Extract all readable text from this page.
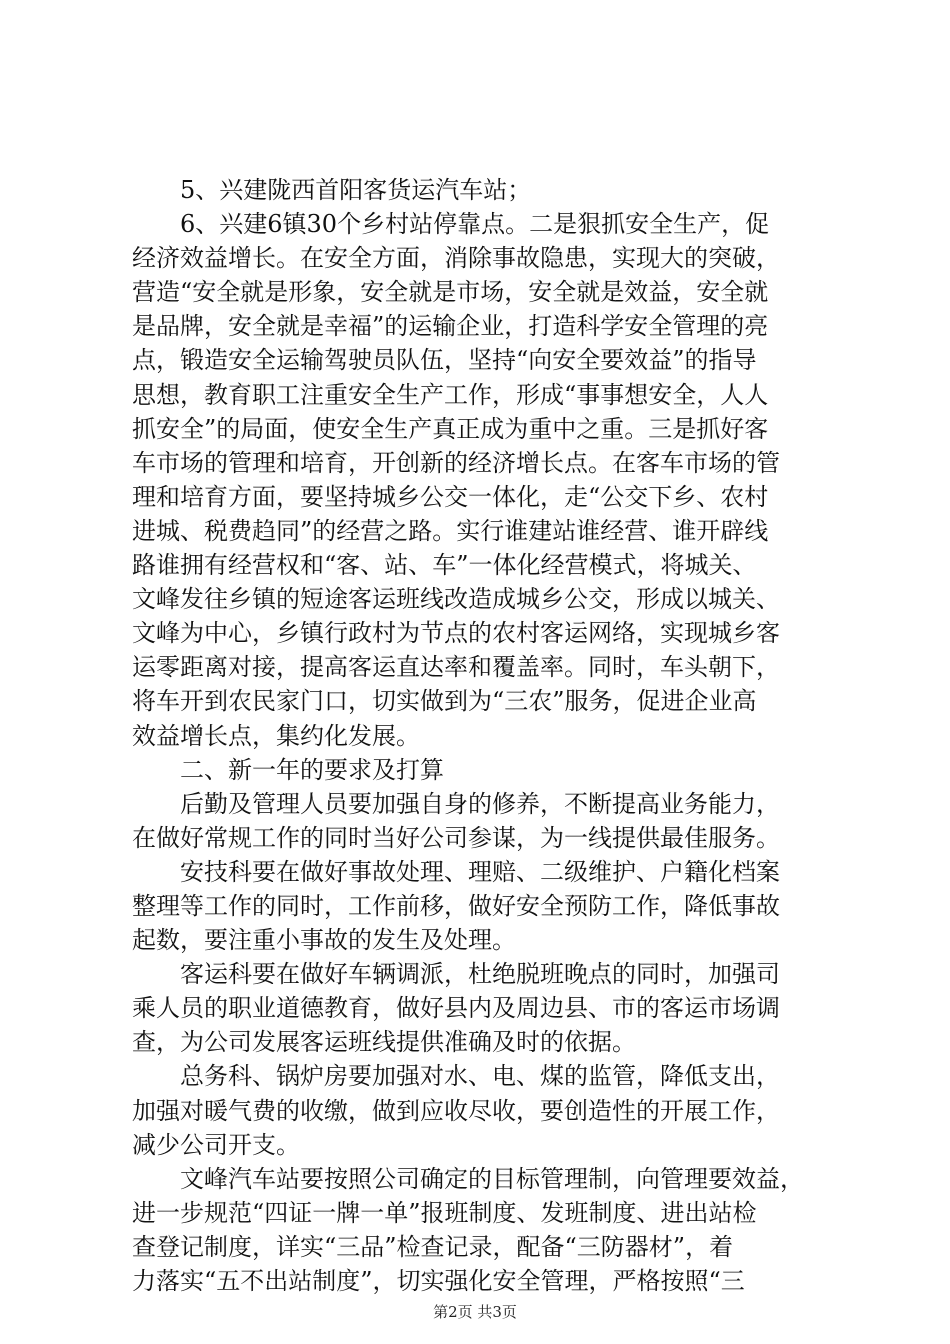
5、兴建陇西首阳客货运汽车站；
6、兴建6镇30个乡村站停靠点。二是狠抓安全生产，促
经济效益增长。在安全方面，消除事故隐患，实现大的突破，
营造“安全就是形象，安全就是市场，安全就是效益，安全就
是品牌，安全就是幸福”的运输企业，打造科学安全管理的亮
点，锻造安全运输驾驶员队伍，坚持“向安全要效益”的指导
思想，教育职工注重安全生产工作，形成“事事想安全，人人
抓安全”的局面，使安全生产真正成为重中之重。三是抓好客
车市场的管理和培育，开创新的经济增长点。在客车市场的管
理和培育方面，要坚持城乡公交一体化，走“公交下乡、农村
进城、税费趋同”的经营之路。实行谁建站谁经营、谁开辟线
路谁拥有经营权和“客、站、车”一体化经营模式，将城关、
文峰发往乡镇的短途客运班线改造成城乡公交，形成以城关、
文峰为中心，乡镇行政村为节点的农村客运网络，实现城乡客
运零距离对接，提高客运直达率和覆盖率。同时，车头朝下，
将车开到农民家门口，切实做到为“三农”服务，促进企业高
效益增长点，集约化发展。
二、新一年的要求及打算
后勤及管理人员要加强自身的修养，不断提高业务能力，
在做好常规工作的同时当好公司参谋，为一线提供最佳服务。
安技科要在做好事故处理、理赔、二级维护、户籍化档案
整理等工作的同时，工作前移，做好安全预防工作，降低事故
起数，要注重小事故的发生及处理。
客运科要在做好车辆调派，杜绝脱班晚点的同时，加强司
乘人员的职业道德教育，做好县内及周边县、市的客运市场调
查，为公司发展客运班线提供准确及时的依据。
总务科、锅炉房要加强对水、电、煤的监管，降低支出，
加强对暖气费的收缴，做到应收尽收，要创造性的开展工作，
减少公司开支。
文峰汽车站要按照公司确定的目标管理制，向管理要效益，
进一步规范“四证一牌一单”报班制度、发班制度、进出站检
查登记制度，详实“三品”检查记录，配备“三防器材”，着
力落实“五不出站制度”，切实强化安全管理，严格按照“三
第2页 共3页
